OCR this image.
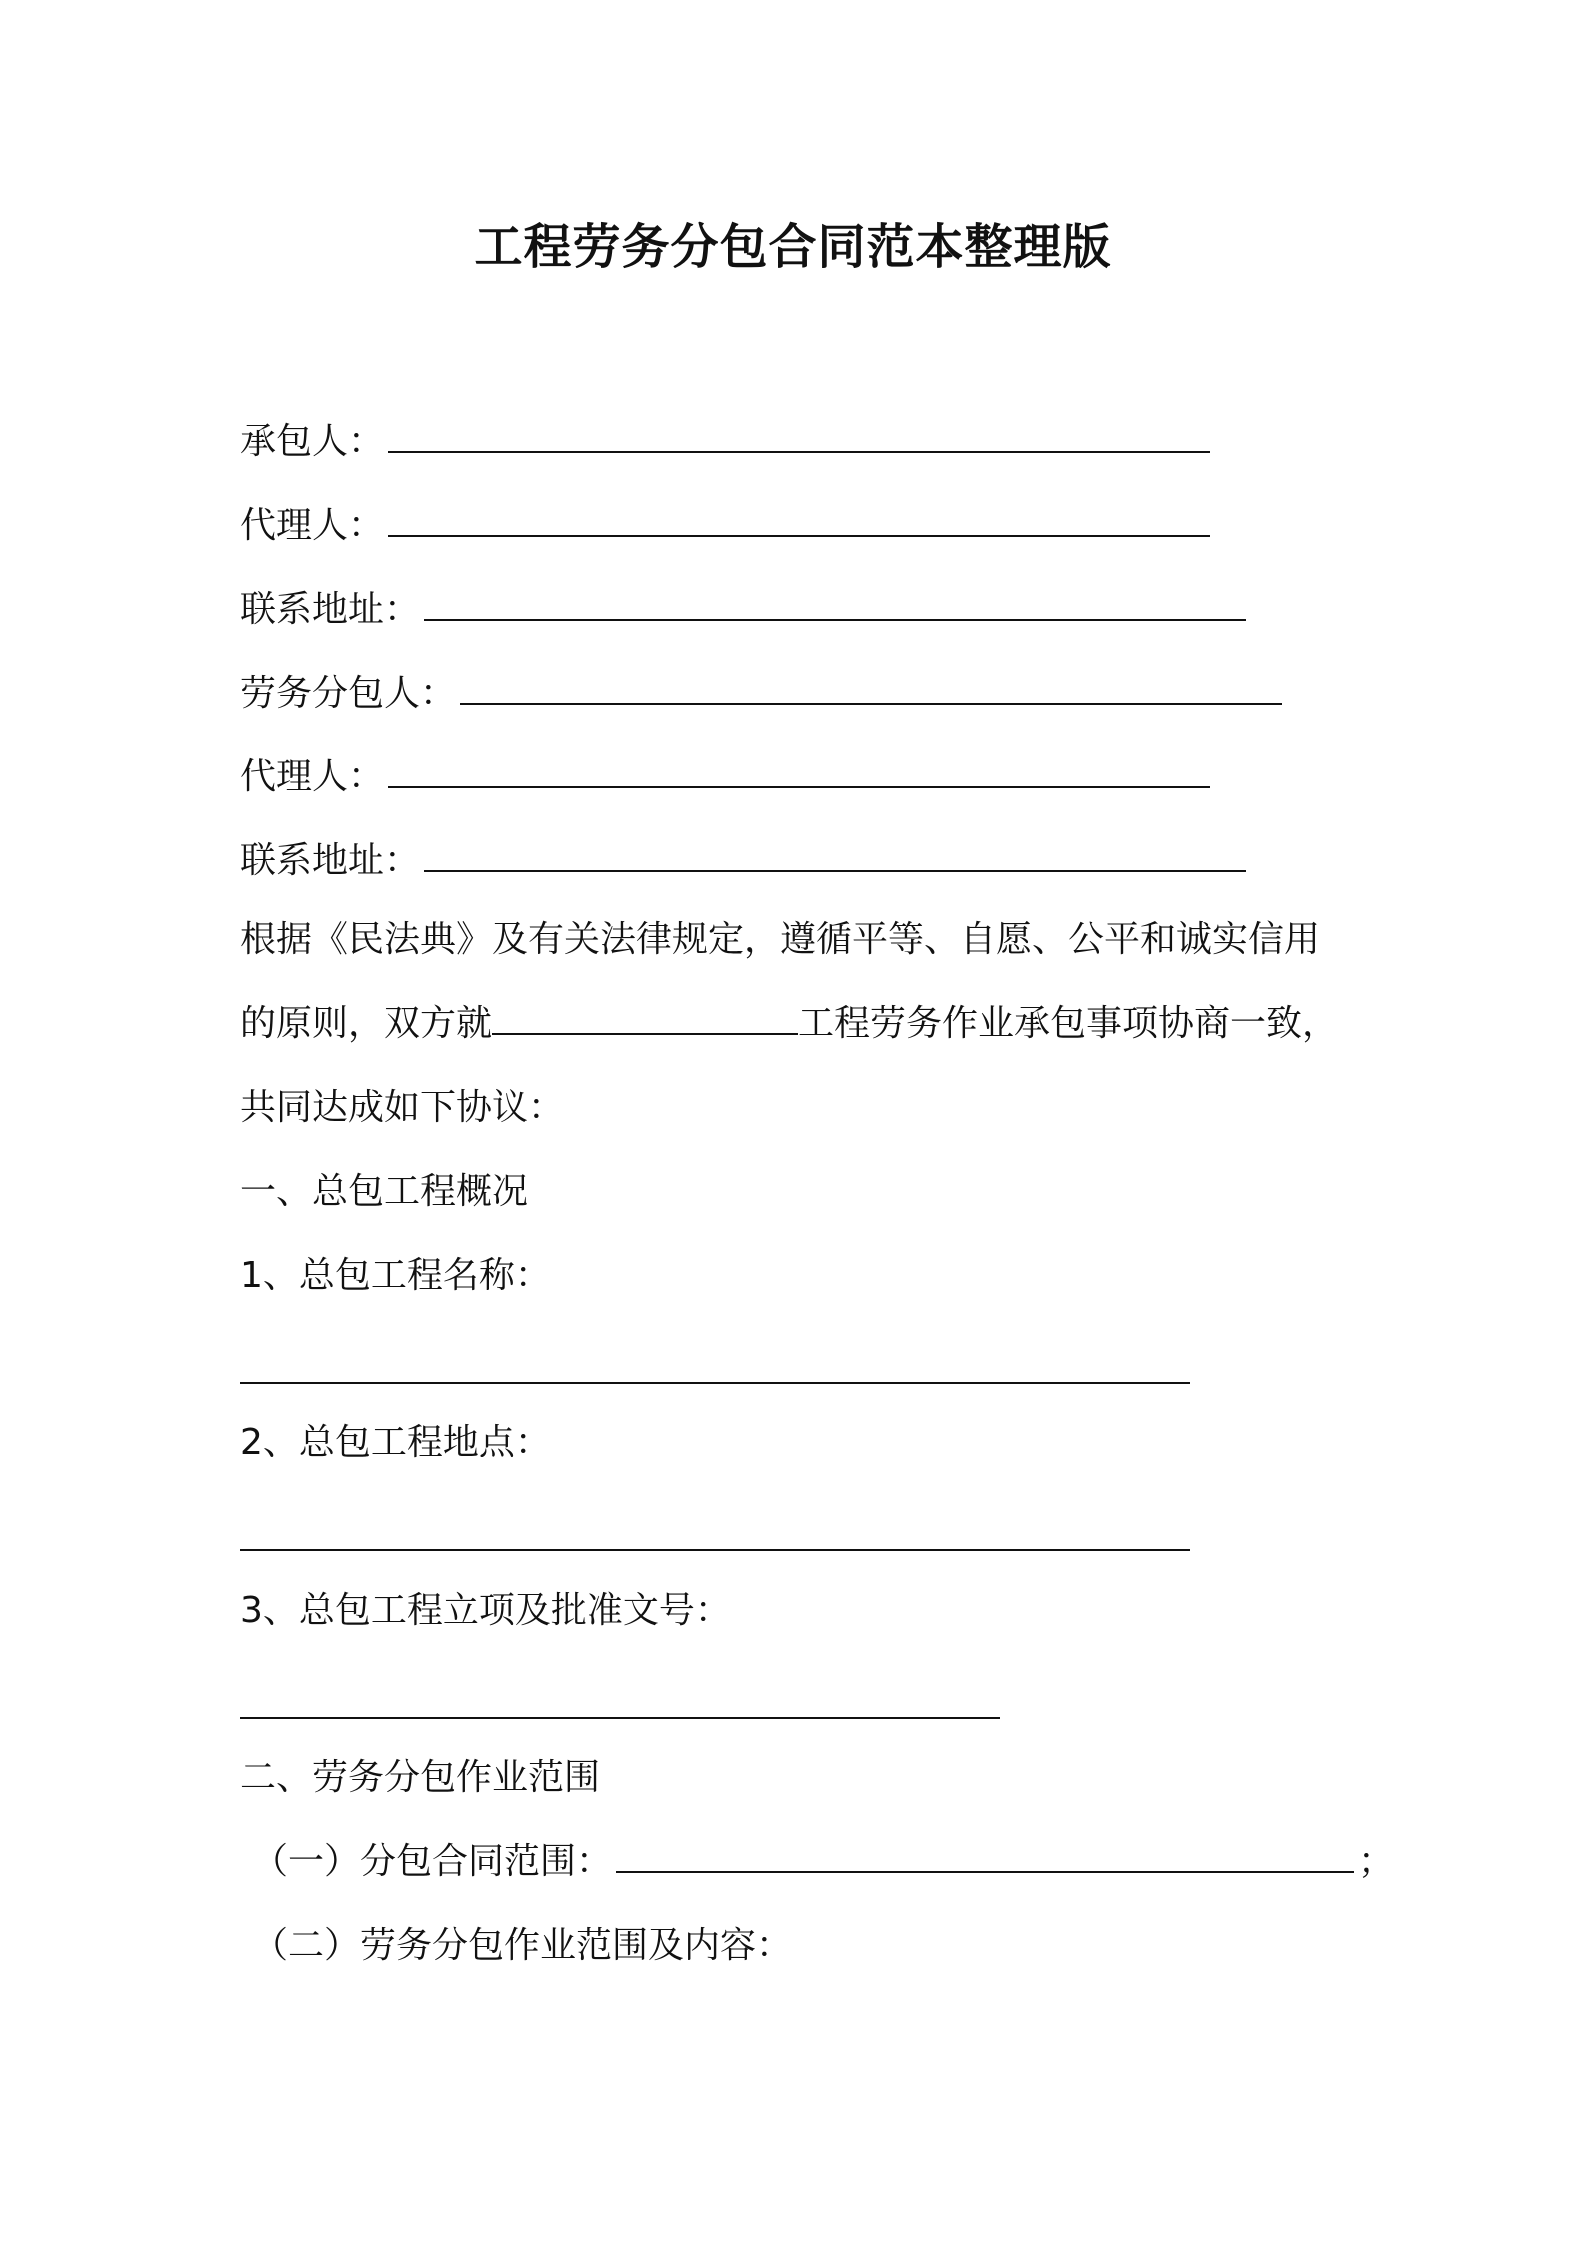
工程劳务分包合同范本整理版

承包人：

代理人：

联系地址：

劳务分包人：

代理人：

联系地址：

根据《民法典》及有关法律规定，遵循平等、自愿、公平和诚实信用

的原则，双方就	工程劳务作业承包事项协商一致，

共同达成如下协议：

一、总包工程概况

1、总包工程名称：

2、总包工程地点：

3、总包工程立项及批准文号：

二、劳务分包作业范围

（一）分包合同范围：	；

（二）劳务分包作业范围及内容：
